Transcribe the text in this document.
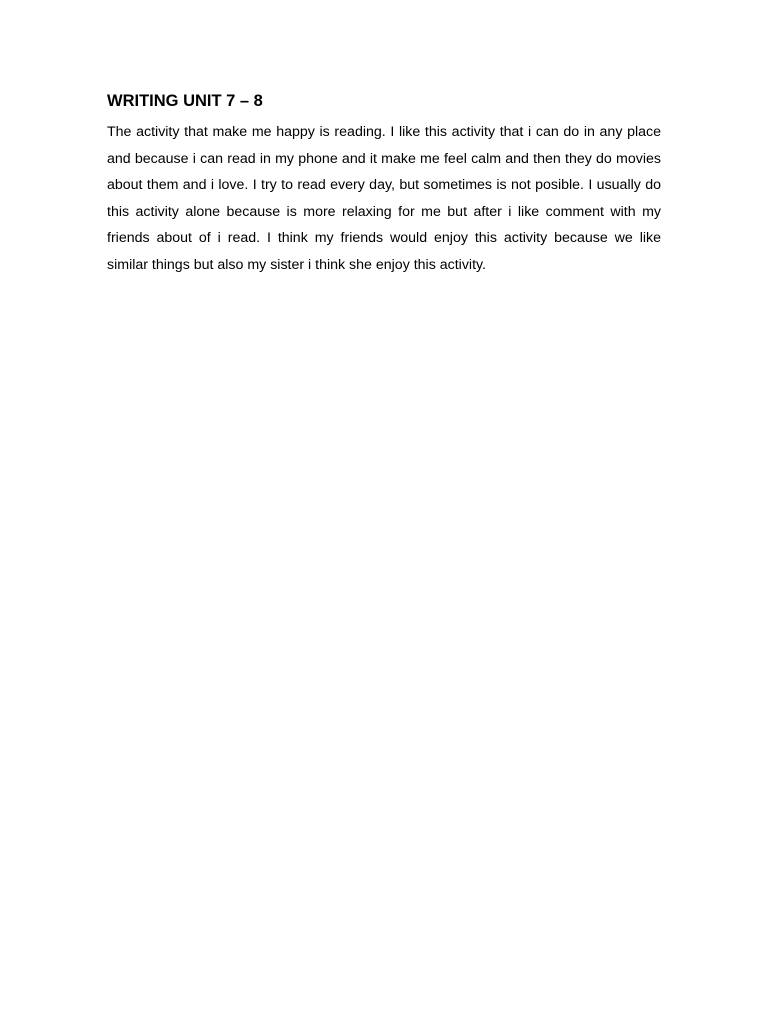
WRITING UNIT 7 – 8

The activity that make me happy is reading. I like this activity that i can do in any place and because i can read in my phone and it make me feel calm and then they do movies about them and i love. I try to read every day, but sometimes is not posible. I usually do this activity alone because is more relaxing for me but after i like comment with my friends about of i read. I think my friends would enjoy this activity because we like similar things but also my sister i think she enjoy this activity.
